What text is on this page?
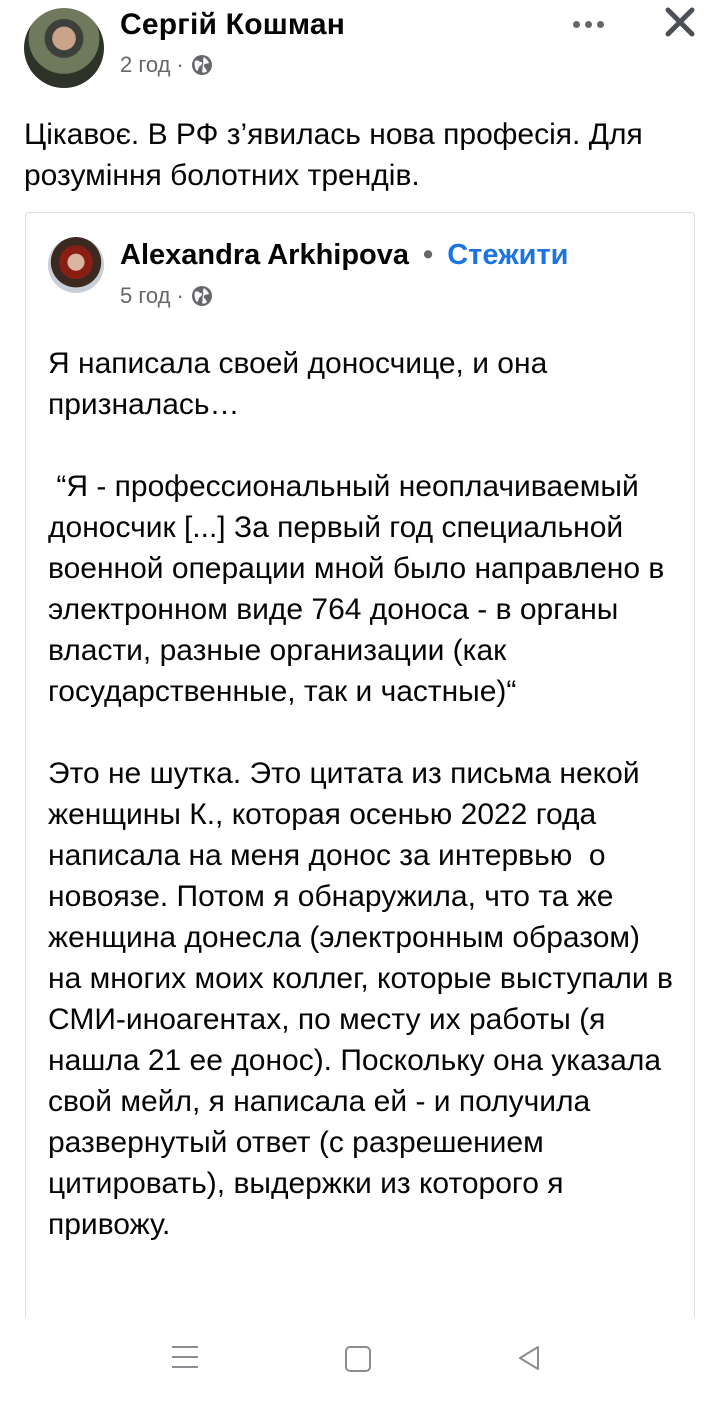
Сергій Кошман
2 год ·

Цікавоє. В РФ з’явилась нова професія. Для розуміння болотних трендів.

Alexandra Arkhipova • Стежити
5 год ·

Я написала своей доносчице, и она призналась…

“Я - профессиональный неоплачиваемый доносчик [...] За первый год специальной военной операции мной было направлено в электронном виде 764 доноса - в органы власти, разные организации (как государственные, так и частные)“

Это не шутка. Это цитата из письма некой женщины К., которая осенью 2022 года написала на меня донос за интервью  о новоязе. Потом я обнаружила, что та же женщина донесла (электронным образом) на многих моих коллег, которые выступали в СМИ-иноагентах, по месту их работы (я нашла 21 ее донос). Поскольку она указала свой мейл, я написала ей - и получила развернутый ответ (с разрешением цитировать), выдержки из которого я привожу.
